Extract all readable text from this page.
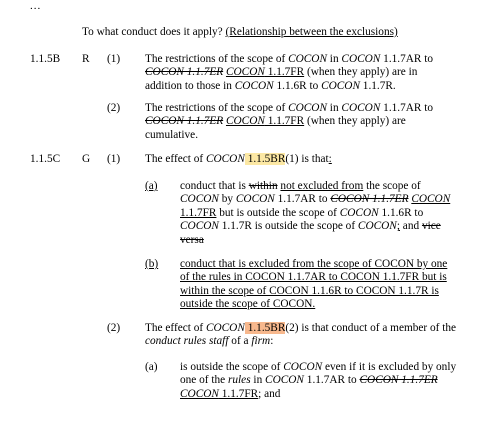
...
To what conduct does it apply? (Relationship between the exclusions)
1.1.5B R (1) The restrictions of the scope of COCON in COCON 1.1.7AR to
COCON 1.1.7ER COCON 1.1.7FR (when they apply) are in
addition to those in COCON 1.1.6R to COCON 1.1.7R.
(2) The restrictions of the scope of COCON in COCON 1.1.7AR to
COCON 1.1.7ER COCON 1.1.7FR (when they apply) are
cumulative.
1.1.5C G (1) The effect of COCON 1.1.5BR(1) is that:
(a) conduct that is within not excluded from the scope of
COCON by COCON 1.1.7AR to COCON 1.1.7ER COCON
1.1.7FR but is outside the scope of COCON 1.1.6R to
COCON 1.1.7R is outside the scope of COCON; and vice
versa
(b) conduct that is excluded from the scope of COCON by one
of the rules in COCON 1.1.7AR to COCON 1.1.7FR but is
within the scope of COCON 1.1.6R to COCON 1.1.7R is
outside the scope of COCON.
(2) The effect of COCON 1.1.5BR(2) is that conduct of a member of the
conduct rules staff of a firm:
(a) is outside the scope of COCON even if it is excluded by only
one of the rules in COCON 1.1.7AR to COCON 1.1.7ER
COCON 1.1.7FR; and
